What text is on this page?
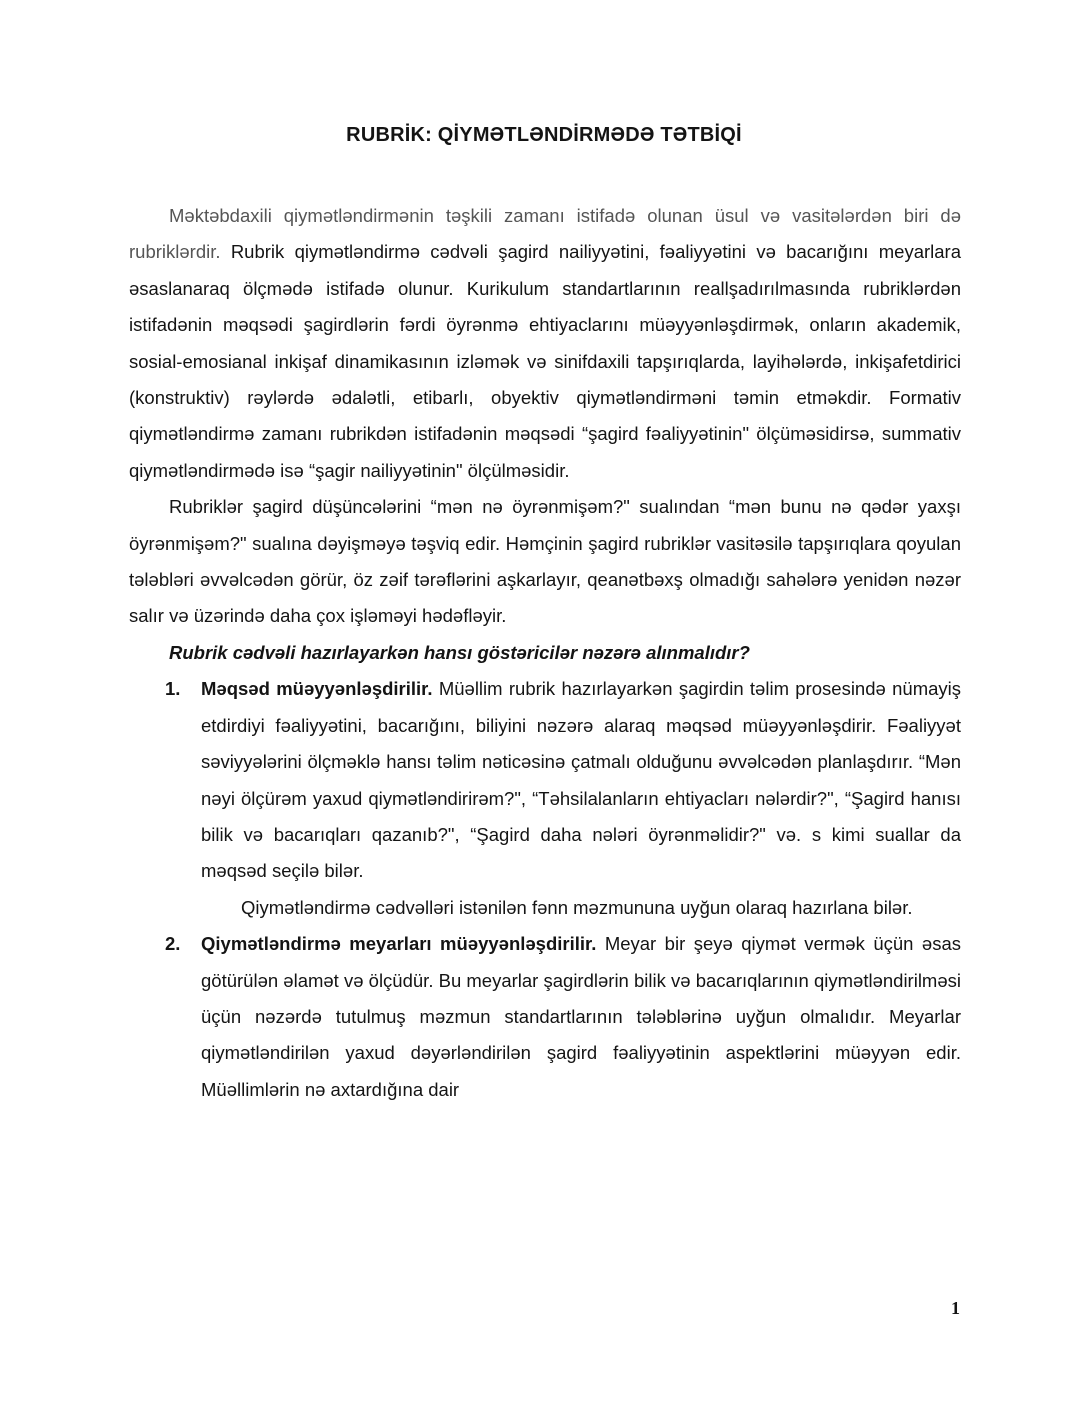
RUBRİK: QİYMƏTLƏNDİRMƏDƏ TƏTBİQİ

Məktəbdaxili qiymətləndirmənin təşkili zamanı istifadə olunan üsul və vasitələrdən biri də rubriklərdir. Rubrik qiymətləndirmə cədvəli şagird nailiyyətini, fəaliyyətini və bacarığını meyarlara əsaslanaraq ölçmədə istifadə olunur. Kurikulum standartlarının reallşadırılmasında rubriklərdən istifadənin məqsədi şagirdlərin fərdi öyrənmə ehtiyaclarını müəyyənləşdirmək, onların akademik, sosial-emosianal inkişaf dinamikasının izləmək və sinifdaxili tapşırıqlarda, layihələrdə, inkişafetdirici (konstruktiv) rəylərdə ədalətli, etibarlı, obyektiv qiymətləndirməni təmin etməkdir. Formativ qiymətləndirmə zamanı rubrikdən istifadənin məqsədi “şagird fəaliyyətinin" ölçüməsidirsə, summativ qiymətləndirmədə isə “şagir nailiyyətinin" ölçülməsidir.

Rubriklər şagird düşüncələrini “mən nə öyrənmişəm?" sualından “mən bunu nə qədər yaxşı öyrənmişəm?" sualına dəyişməyə təşviq edir. Həmçinin şagird rubriklər vasitəsilə tapşırıqlara qoyulan tələbləri əvvəlcədən görür, öz zəif tərəflərini aşkarlayır, qeanətbəxş olmadığı sahələrə yenidən nəzər salır və üzərində daha çox işləməyi hədəfləyir.

Rubrik cədvəli hazırlayarkən hansı göstəricilər nəzərə alınmalıdır?

1. Məqsəd müəyyənləşdirilir. Müəllim rubrik hazırlayarkən şagirdin təlim prosesində nümayiş etdirdiyi fəaliyyətini, bacarığını, biliyini nəzərə alaraq məqsəd müəyyənləşdirir. Fəaliyyət səviyyələrini ölçməklə hansı təlim nəticəsinə çatmalı olduğunu əvvəlcədən planlaşdırır. “Mən nəyi ölçürəm yaxud qiymətləndirirəm?", “Təhsilalanların ehtiyacları nələrdir?", “Şagird hanısı bilik və bacarıqları qazanıb?", “Şagird daha nələri öyrənməlidir?" və. s kimi suallar da məqsəd seçilə bilər.

Qiymətləndirmə cədvəlləri istənilən fənn məzmununa uyğun olaraq hazırlana bilər.

2. Qiymətləndirmə meyarları müəyyənləşdirilir. Meyar bir şeyə qiymət vermək üçün əsas götürülən əlamət və ölçüdür. Bu meyarlar şagirdlərin bilik və bacarıqlarının qiymətləndirilməsi üçün nəzərdə tutulmuş məzmun standartlarının tələblərinə uyğun olmalıdır. Meyarlar qiymətləndirilən yaxud dəyərləndirilən şagird fəaliyyətinin aspektlərini müəyyən edir. Müəllimlərin nə axtardığına dair

1
